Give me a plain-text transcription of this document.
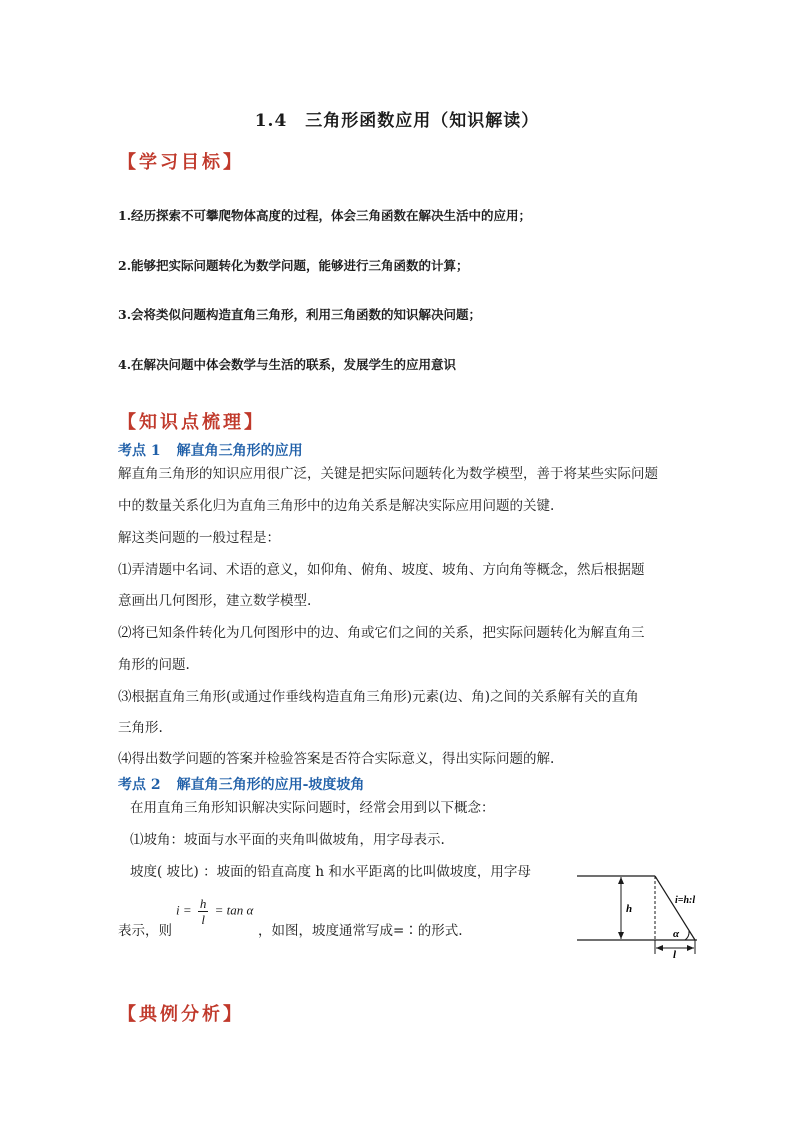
1.4　三角形函数应用（知识解读）
【学习目标】
1.经历探索不可攀爬物体高度的过程，体会三角函数在解决生活中的应用；
2.能够把实际问题转化为数学问题，能够进行三角函数的计算；
3.会将类似问题构造直角三角形，利用三角函数的知识解决问题；
4.在解决问题中体会数学与生活的联系，发展学生的应用意识
【知识点梳理】
考点 1 解直角三角形的应用
解直角三角形的知识应用很广泛，关键是把实际问题转化为数学模型，善于将某些实际问题
中的数量关系化归为直角三角形中的边角关系是解决实际应用问题的关键.
解这类问题的一般过程是：
⑴弄清题中名词、术语的意义，如仰角、俯角、坡度、坡角、方向角等概念，然后根据题
意画出几何图形，建立数学模型.
⑵将已知条件转化为几何图形中的边、角或它们之间的关系，把实际问题转化为解直角三
角形的问题.
⑶根据直角三角形(或通过作垂线构造直角三角形)元素(边、角)之间的关系解有关的直角
三角形.
⑷得出数学问题的答案并检验答案是否符合实际意义，得出实际问题的解.
考点 2 解直角三角形的应用-坡度坡角
在用直角三角形知识解决实际问题时，经常会用到以下概念：
⑴坡角：坡面与水平面的夹角叫做坡角，用字母表示.
坡度( 坡比) ：坡面的铅直高度 h 和水平距离的比叫做坡度，用字母
表示，则
$i = \frac{h}{l} = \tan \alpha$
，如图，坡度通常写成=∶的形式.
h
i=h:l
α
l
【典例分析】
